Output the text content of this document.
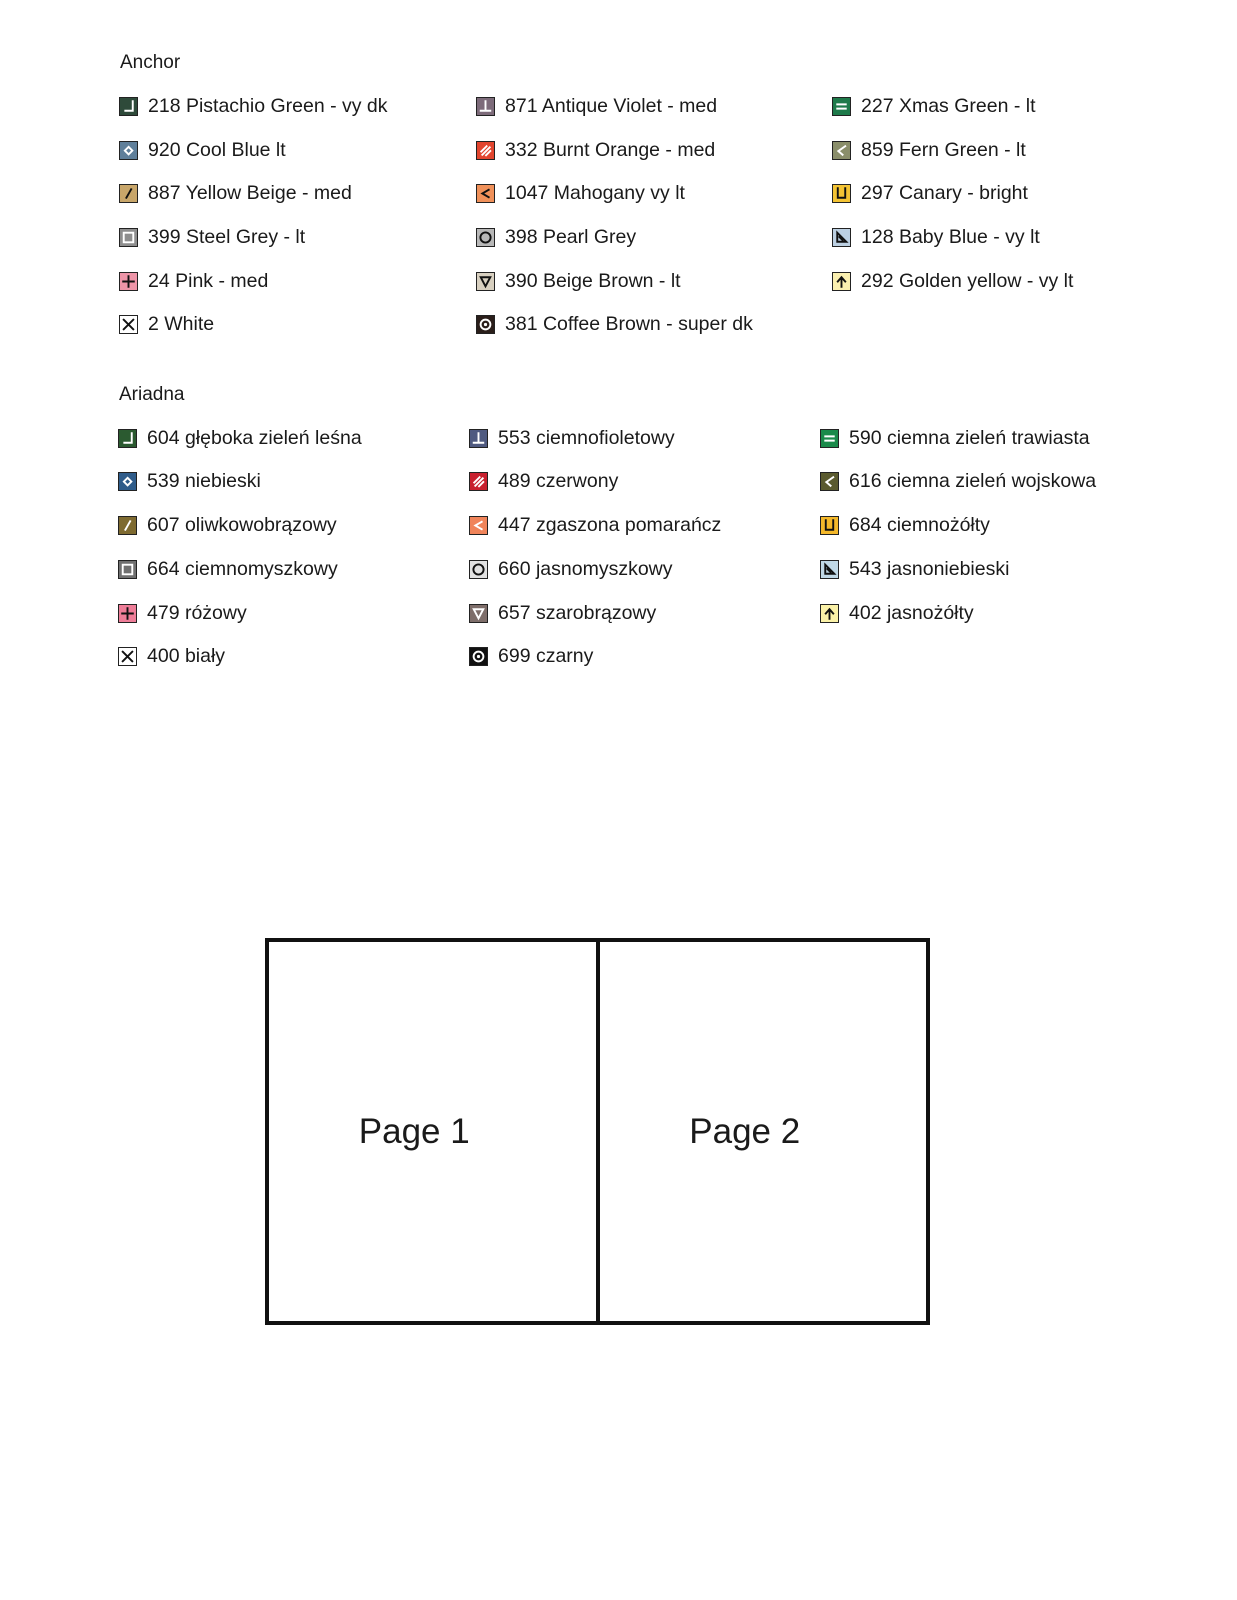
Anchor
218 Pistachio Green - vy dk
920 Cool Blue lt
887 Yellow Beige - med
399 Steel Grey - lt
24 Pink - med
2 White
871 Antique Violet - med
332 Burnt Orange - med
1047 Mahogany vy lt
398 Pearl Grey
390 Beige Brown - lt
381 Coffee Brown - super dk
227 Xmas Green - lt
859 Fern Green - lt
297 Canary - bright
128 Baby Blue - vy lt
292 Golden yellow - vy lt
Ariadna
604 głęboka zieleń leśna
539 niebieski
607 oliwkowobrązowy
664 ciemnomyszkowy
479 różowy
400 biały
553 ciemnofioletowy
489 czerwony
447 zgaszona pomarańcz
660 jasnomyszkowy
657 szarobrązowy
699 czarny
590 ciemna zieleń trawiasta
616 ciemna zieleń wojskowa
684 ciemnożółty
543 jasnoniebieski
402 jasnożółty
Page 1	Page 2
